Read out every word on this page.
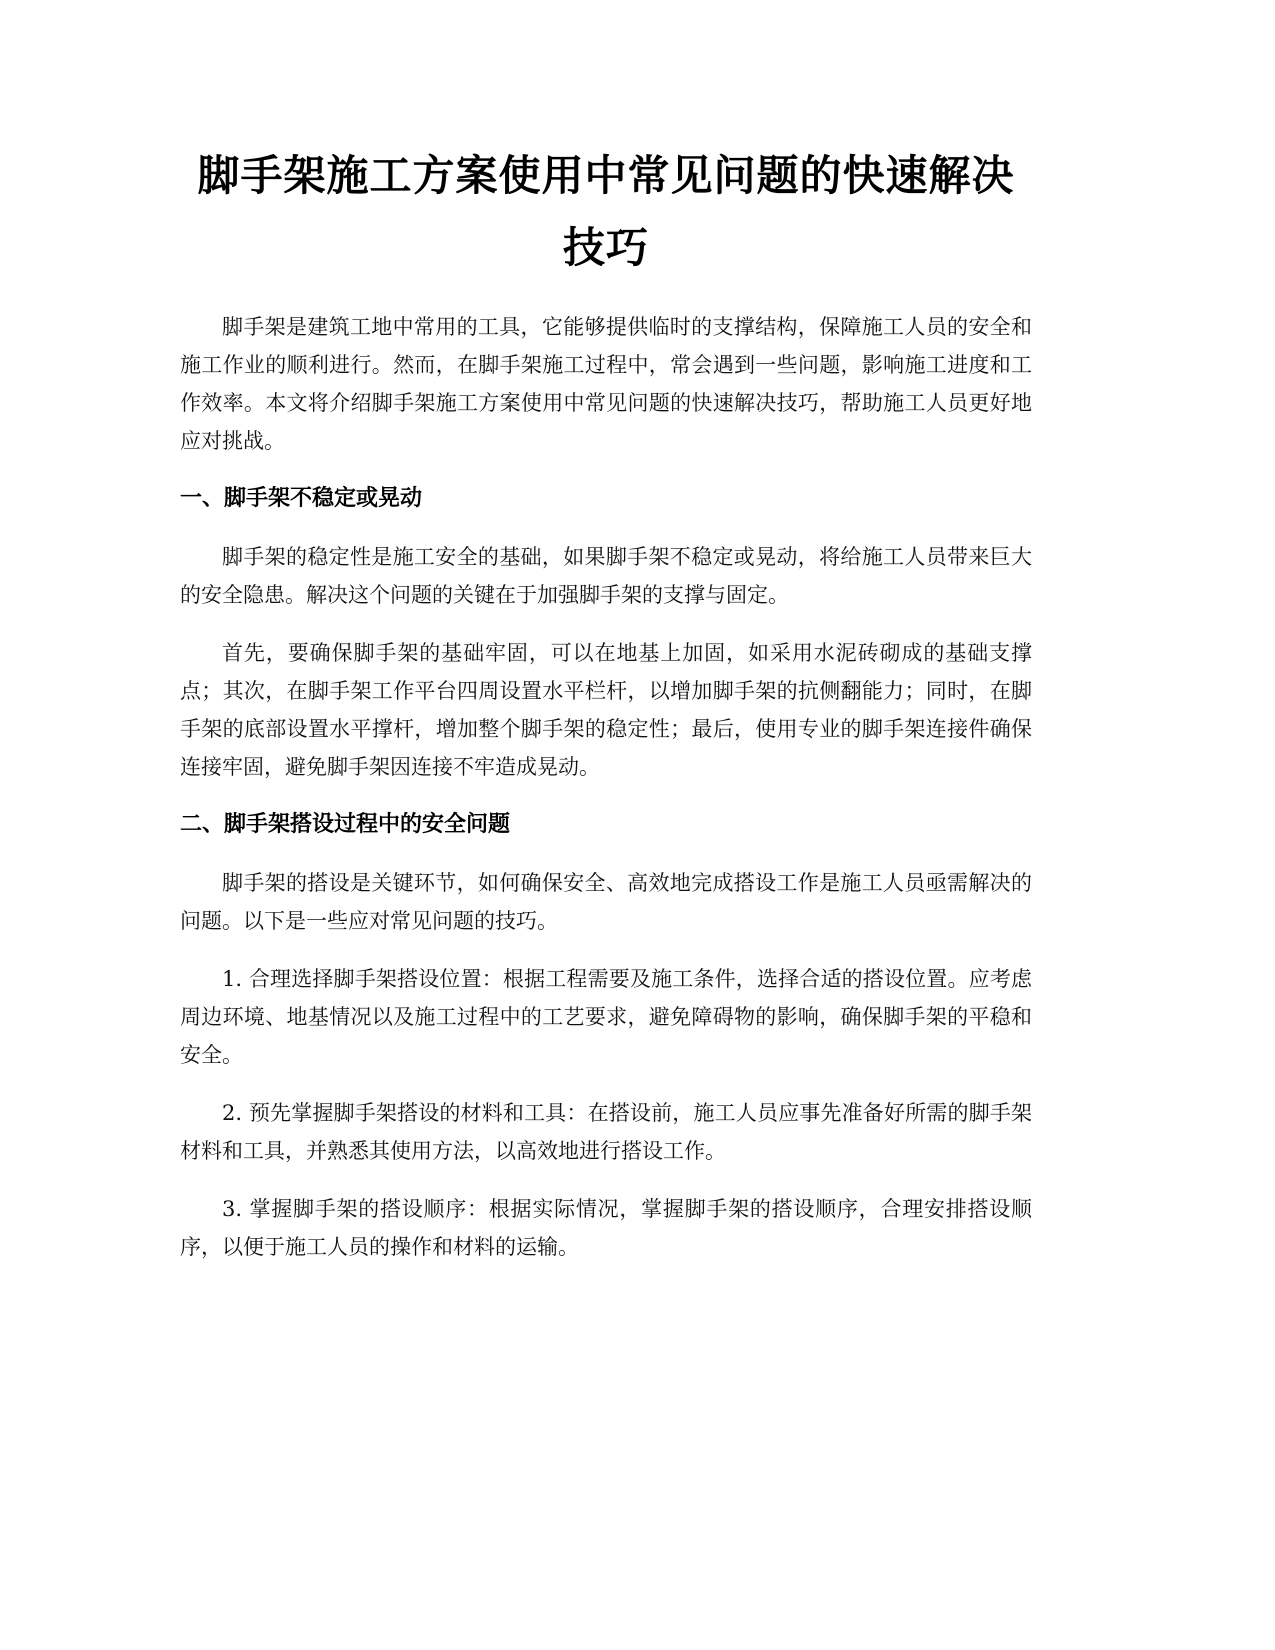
脚手架施工方案使用中常见问题的快速解决技巧

脚手架是建筑工地中常用的工具，它能够提供临时的支撑结构，保障施工人员的安全和施工作业的顺利进行。然而，在脚手架施工过程中，常会遇到一些问题，影响施工进度和工作效率。本文将介绍脚手架施工方案使用中常见问题的快速解决技巧，帮助施工人员更好地应对挑战。

一、脚手架不稳定或晃动

脚手架的稳定性是施工安全的基础，如果脚手架不稳定或晃动，将给施工人员带来巨大的安全隐患。解决这个问题的关键在于加强脚手架的支撑与固定。

首先，要确保脚手架的基础牢固，可以在地基上加固，如采用水泥砖砌成的基础支撑点；其次，在脚手架工作平台四周设置水平栏杆，以增加脚手架的抗侧翻能力；同时，在脚手架的底部设置水平撑杆，增加整个脚手架的稳定性；最后，使用专业的脚手架连接件确保连接牢固，避免脚手架因连接不牢造成晃动。

二、脚手架搭设过程中的安全问题

脚手架的搭设是关键环节，如何确保安全、高效地完成搭设工作是施工人员亟需解决的问题。以下是一些应对常见问题的技巧。

1. 合理选择脚手架搭设位置：根据工程需要及施工条件，选择合适的搭设位置。应考虑周边环境、地基情况以及施工过程中的工艺要求，避免障碍物的影响，确保脚手架的平稳和安全。

2. 预先掌握脚手架搭设的材料和工具：在搭设前，施工人员应事先准备好所需的脚手架材料和工具，并熟悉其使用方法，以高效地进行搭设工作。

3. 掌握脚手架的搭设顺序：根据实际情况，掌握脚手架的搭设顺序，合理安排搭设顺序，以便于施工人员的操作和材料的运输。
